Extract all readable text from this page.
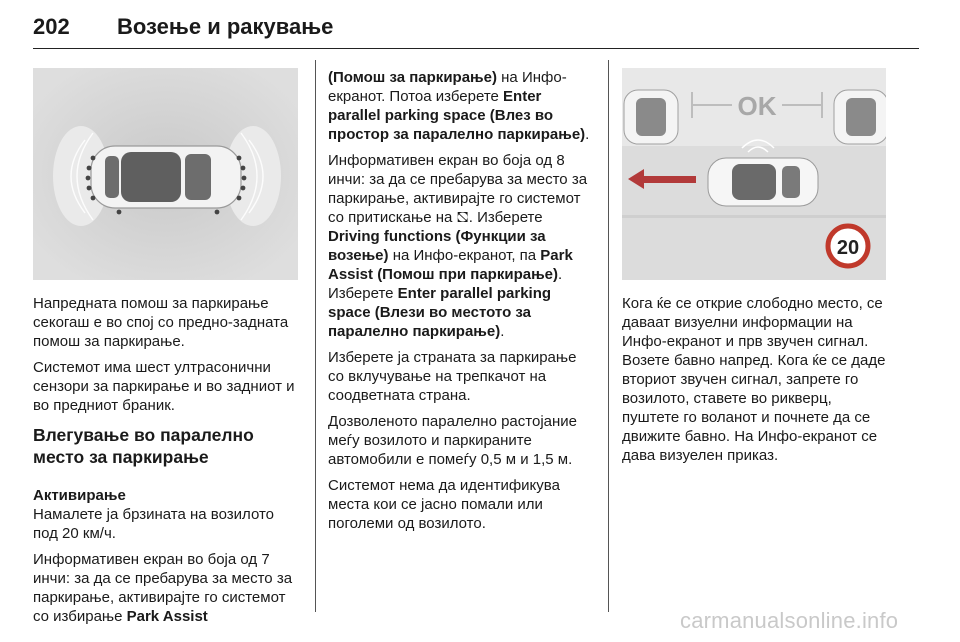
202 Возење и ракување

Напредната помош за паркирање секогаш е во спој со предно-задната помош за паркирање.

Системот има шест ултрасонични сензори за паркирање и во задниот и во предниот браник.

Влегување во паралелно место за паркирање
Активирање

Намалете ја брзината на возилото под 20 км/ч.

Информативен екран во боја од 7 инчи: за да се пребарува за место за паркирање, активирајте го системот со избирање Park Assist

(Помош за паркирање) на Инфо-екранот. Потоа изберете Enter parallel parking space (Влез во простор за паралелно паркирање).

Информативен екран во боја од 8 инчи: за да се пребарува за место за паркирање, активирајте го системот со притискање на ⛞. Изберете Driving functions (Функции за возење) на Инфо-екранот, па Park Assist (Помош при паркирање). Изберете Enter parallel parking space (Влези во местото за паралелно паркирање).

Изберете ја страната за паркирање со вклучување на трепкачот на соодветната страна.

Дозволеното паралелно растојание меѓу возилото и паркираните автомобили е помеѓу 0,5 м и 1,5 м.

Системот нема да идентификува места кои се јасно помали или поголеми од возилото.

OK
20

Кога ќе се открие слободно место, се даваат визуелни информации на Инфо-екранот и прв звучен сигнал. Возете бавно напред. Кога ќе се даде вториот звучен сигнал, запрете го возилото, ставете во рикверц, пуштете го воланот и почнете да се движите бавно. На Инфо-екранот се дава визуелен приказ.

carmanualsonline.info
